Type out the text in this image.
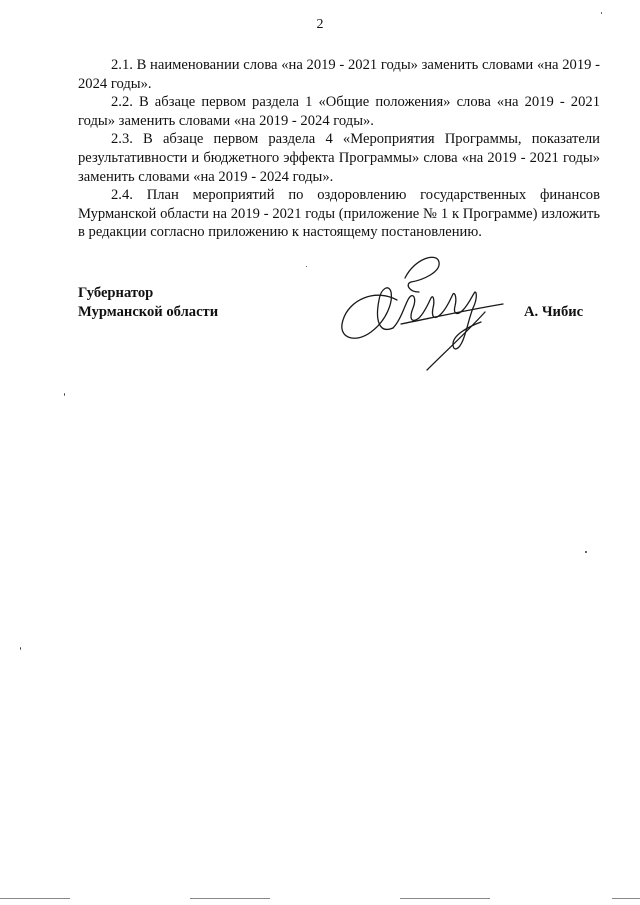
2

2.1. В наименовании слова «на 2019 - 2021 годы» заменить словами «на 2019 - 2024 годы».

2.2. В абзаце первом раздела 1 «Общие положения» слова «на 2019 - 2021 годы» заменить словами «на 2019 - 2024 годы».

2.3. В абзаце первом раздела 4 «Мероприятия Программы, показатели результативности и бюджетного эффекта Программы» слова «на 2019 - 2021 годы» заменить словами «на 2019 - 2024 годы».

2.4. План мероприятий по оздоровлению государственных финансов Мурманской области на 2019 - 2021 годы (приложение № 1 к Программе) изложить в редакции согласно приложению к настоящему постановлению.

Губернатор
Мурманской области	А. Чибис
